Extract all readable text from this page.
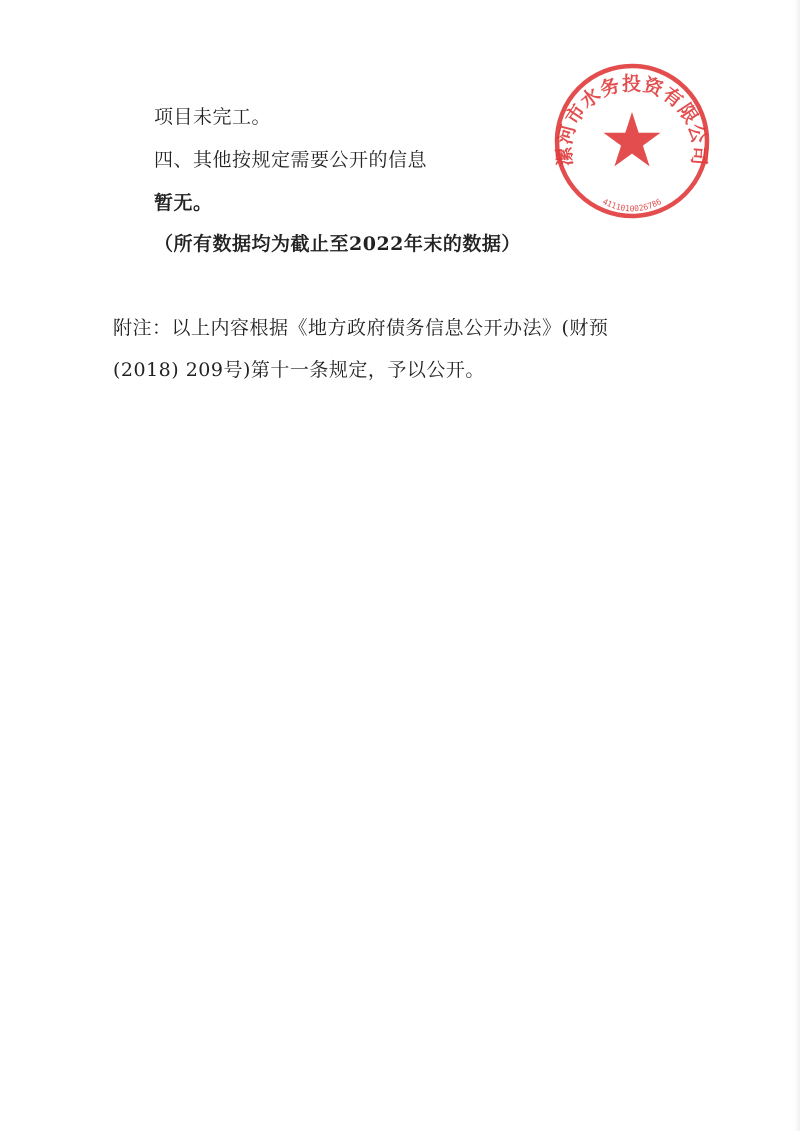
项目未完工。
四、其他按规定需要公开的信息
暂无。
（所有数据均为截止至2022年末的数据）
附注：以上内容根据《地方政府债务信息公开办法》(财预
(2018) 209号)第十一条规定，予以公开。
漯河市水务投资有限公司
4111010026786
